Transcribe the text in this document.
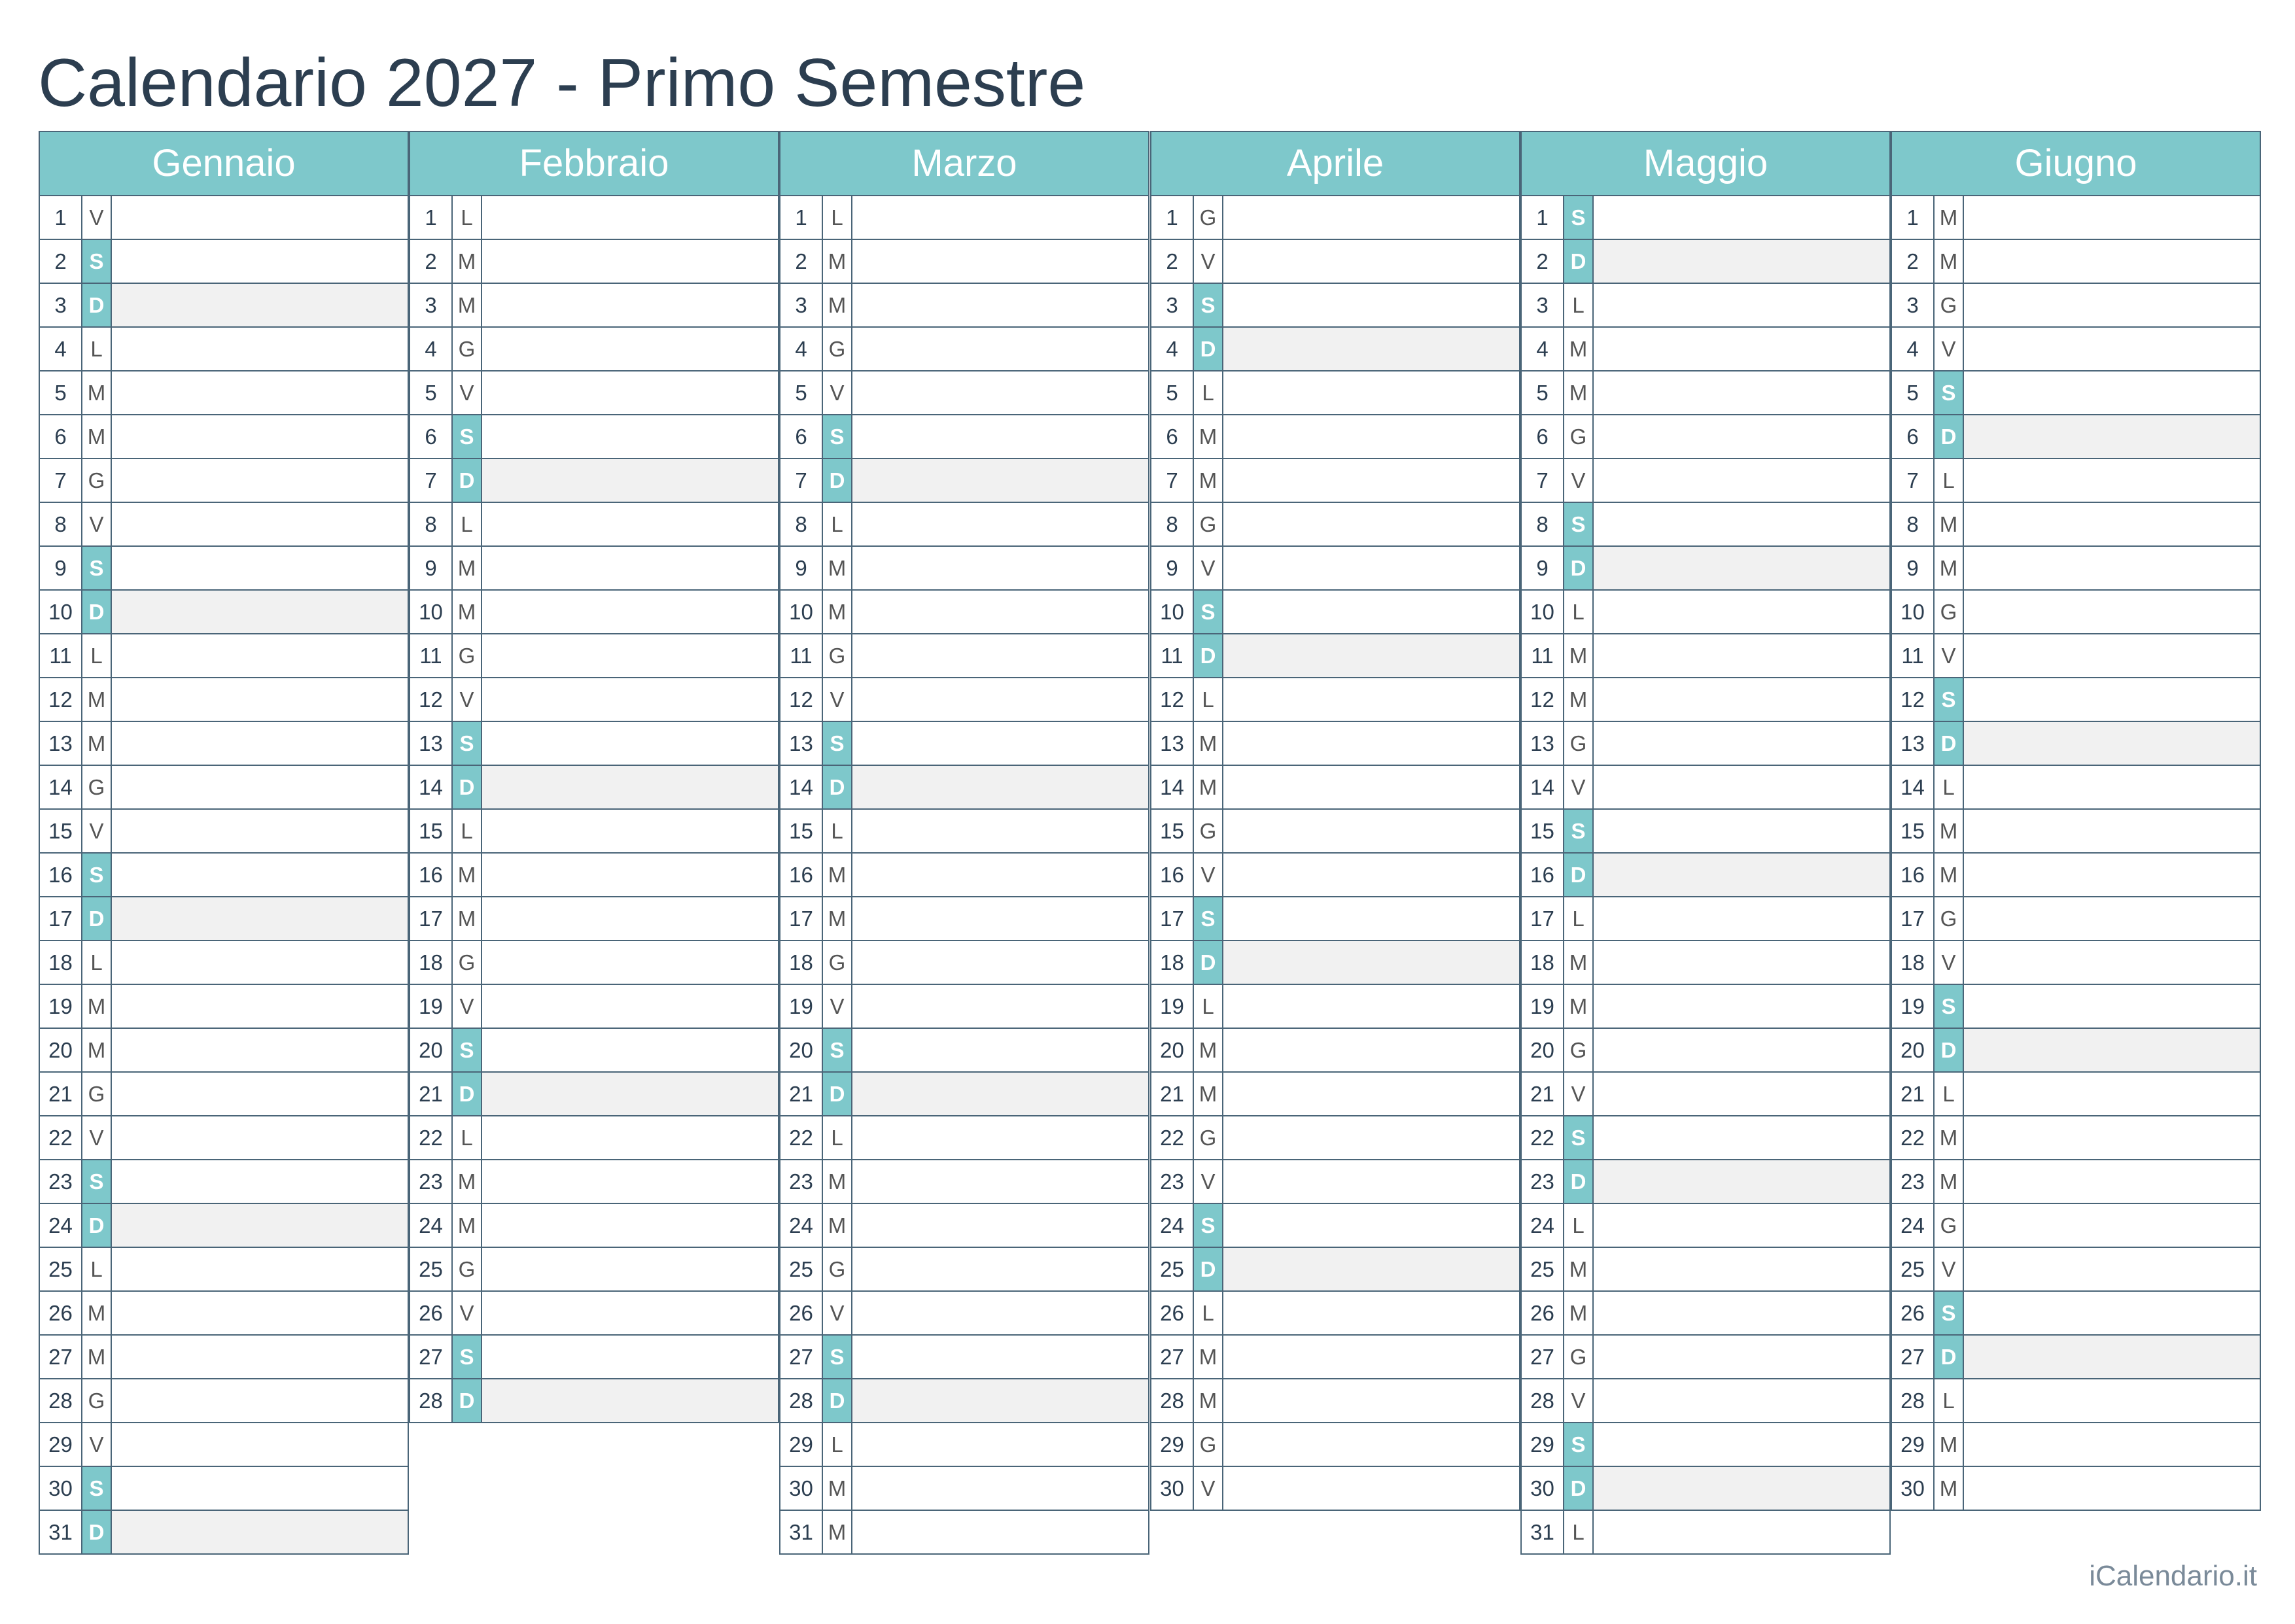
Calendario 2027 - Primo Semestre
Gennaio
1	V
2	S
3	D
4	L
5 M
6 M
7 G
8	V
9	S
10 D
11 L
12 M
13 M
14 G
15 V
16 S
17 D
18 L
19 M
20 M
21 G
22 V
23 S
24 D
25 L
26 M
27 M
28 G
29 V
30 S
31 D
Febbraio
1	L
2 M
3 M
4 G
5	V
6	S
7	D
8	L
9 M
10 M
11 G
12 V
13 S
14 D
15 L
16 M
17 M
18 G
19 V
20 S
21 D
22 L
23 M
24 M
25 G
26 V
27 S
28 D
Marzo
1	L
2 M
3 M
4 G
5	V
6	S
7	D
8	L
9 M
10 M
11 G
12 V
13 S
14 D
15 L
16 M
17 M
18 G
19 V
20 S
21 D
22 L
23 M
24 M
25 G
26 V
27 S
28 D
29 L
30 M
31 M
Aprile
1 G
2	V
3	S
4	D
5	L
6 M
7 M
8 G
9	V
10 S
11 D
12 L
13 M
14 M
15 G
16 V
17 S
18 D
19 L
20 M
21 M
22 G
23 V
24 S
25 D
26 L
27 M
28 M
29 G
30 V
Maggio
1	S
2	D
3	L
4 M
5 M
6 G
7	V
8	S
9	D
10 L
11 M
12 M
13 G
14 V
15 S
16 D
17 L
18 M
19 M
20 G
21 V
22 S
23 D
24 L
25 M
26 M
27 G
28 V
29 S
30 D
31 L
Giugno
1 M
2 M
3 G
4	V
5	S
6	D
7	L
8 M
9 M
10 G
11 V
12 S
13 D
14 L
15 M
16 M
17 G
18 V
19 S
20 D
21 L
22 M
23 M
24 G
25 V
26 S
27 D
28 L
29 M
30 M
iCalendario.it
